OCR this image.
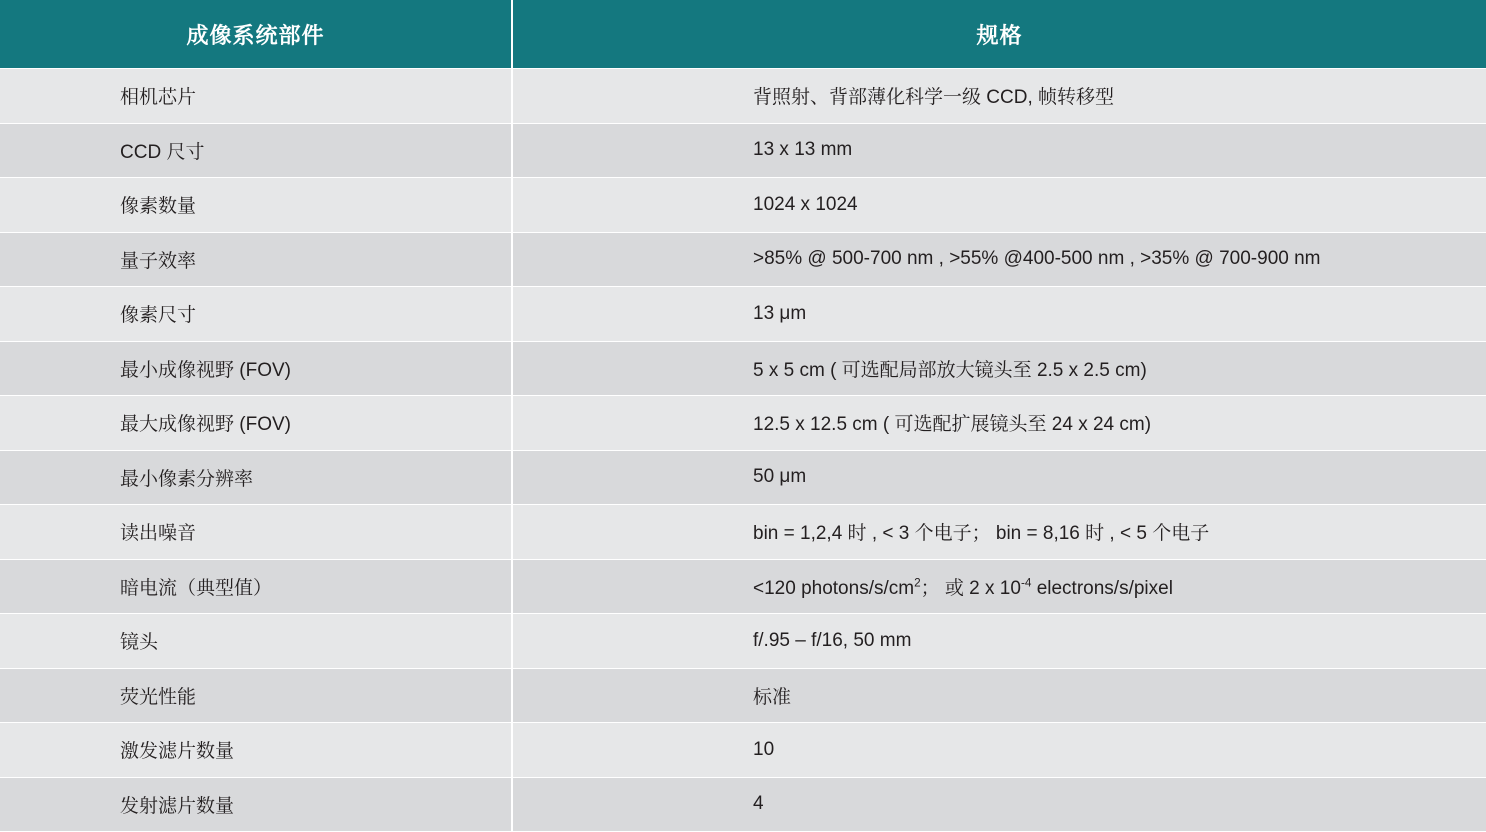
成像系统部件	规格
相机芯片	背照射、背部薄化科学一级 CCD, 帧转移型
CCD 尺寸	13 x 13 mm
像素数量	1024 x 1024
量子效率	>85% @ 500-700 nm , >55% @400-500 nm , >35% @ 700-900 nm
像素尺寸	13 μm
最小成像视野 (FOV)	5 x 5 cm ( 可选配局部放大镜头至 2.5 x 2.5 cm)
最大成像视野 (FOV)	12.5 x 12.5 cm ( 可选配扩展镜头至 24 x 24 cm)
最小像素分辨率	50 μm
读出噪音	bin = 1,2,4 时 , < 3 个电子； bin = 8,16 时 , < 5 个电子
暗电流（典型值）	<120 photons/$s/cm^2$； 或 2 x $10^{-4}$ electrons/s/pixel
镜头	f/.95 – f/16, 50 mm
荧光性能	标准
激发滤片数量	10
发射滤片数量	4
